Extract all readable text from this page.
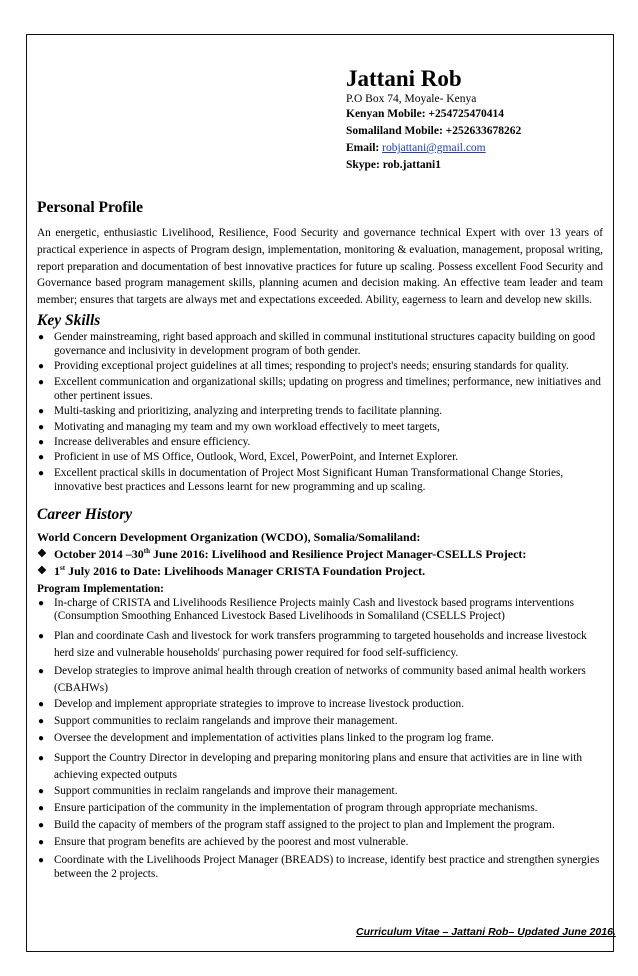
Jattani Rob

P.O Box 74, Moyale- Kenya

Kenyan Mobile: +254725470414

Somaliland Mobile: +252633678262

Email: robjattani@gmail.com

Skype: rob.jattani1

Personal Profile

An energetic, enthusiastic Livelihood, Resilience, Food Security and governance technical Expert with over 13 years of practical experience in aspects of Program design, implementation, monitoring & evaluation, management, proposal writing, report preparation and documentation of best innovative practices for future up scaling. Possess excellent Food Security and Governance based program management skills, planning acumen and decision making. An effective team leader and team member; ensures that targets are always met and expectations exceeded. Ability, eagerness to learn and develop new skills.

Key Skills
● Gender mainstreaming, right based approach and skilled in communal institutional structures capacity building on good governance and inclusivity in development program of both gender.
● Providing exceptional project guidelines at all times; responding to project's needs; ensuring standards for quality.
● Excellent communication and organizational skills; updating on progress and timelines; performance, new initiatives and other pertinent issues.
● Multi-tasking and prioritizing, analyzing and interpreting trends to facilitate planning.
● Motivating and managing my team and my own workload effectively to meet targets,
● Increase deliverables and ensure efficiency.
● Proficient in use of MS Office, Outlook, Word, Excel, PowerPoint, and Internet Explorer.
● Excellent practical skills in documentation of Project Most Significant Human Transformational Change Stories, innovative best practices and Lessons learnt for new programming and up scaling.
Career History
World Concern Development Organization (WCDO), Somalia/Somaliland:
❖ October 2014 –30th June 2016: Livelihood and Resilience Project Manager-CSELLS Project:
❖ 1st July 2016 to Date: Livelihoods Manager CRISTA Foundation Project.
Program Implementation:
● In-charge of CRISTA and Livelihoods Resilience Projects mainly Cash and livestock based programs interventions (Consumption Smoothing Enhanced Livestock Based Livelihoods in Somaliland (CSELLS Project)
● Plan and coordinate Cash and livestock for work transfers programming to targeted households and increase livestock herd size and vulnerable households' purchasing power required for food self-sufficiency.
● Develop strategies to improve animal health through creation of networks of community based animal health workers (CBAHWs)
● Develop and implement appropriate strategies to improve to increase livestock production.
● Support communities to reclaim rangelands and improve their management.
● Oversee the development and implementation of activities plans linked to the program log frame.
● Support the Country Director in developing and preparing monitoring plans and ensure that activities are in line with achieving expected outputs
● Support communities in reclaim rangelands and improve their management.
● Ensure participation of the community in the implementation of program through appropriate mechanisms.
● Build the capacity of members of the program staff assigned to the project to plan and Implement the program.
● Ensure that program benefits are achieved by the poorest and most vulnerable.
● Coordinate with the Livelihoods Project Manager (BREADS) to increase, identify best practice and strengthen synergies between the 2 projects.
Curriculum Vitae – Jattani Rob– Updated June 2016.
